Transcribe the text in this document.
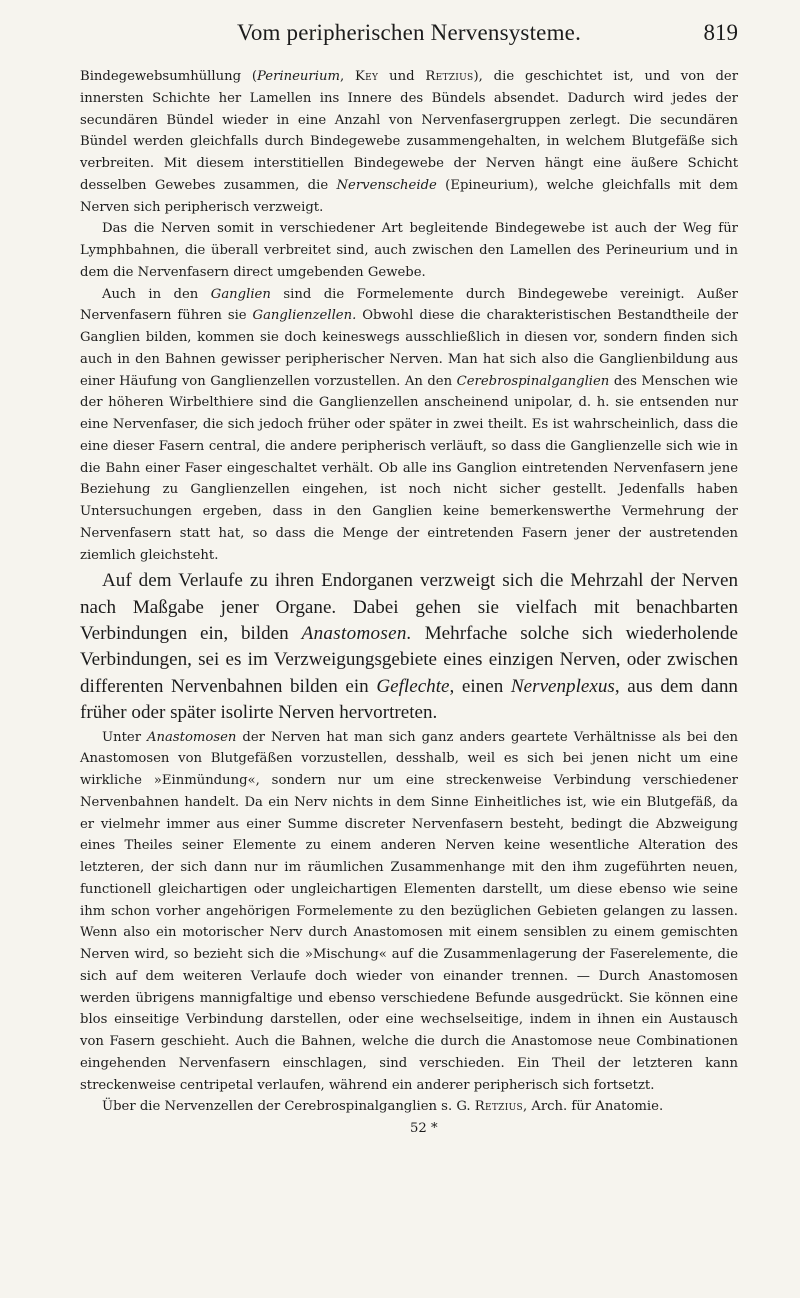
Vom peripherischen Nervensysteme.	819

Bindegewebsumhüllung (Perineurium, Key und Retzius), die geschichtet ist, und von der innersten Schichte her Lamellen ins Innere des Bündels absendet. Dadurch wird jedes der secundären Bündel wieder in eine Anzahl von Nervenfasergruppen zerlegt. Die secundären Bündel werden gleichfalls durch Bindegewebe zusammengehalten, in welchem Blutgefäße sich verbreiten. Mit diesem interstitiellen Bindegewebe der Nerven hängt eine äußere Schicht desselben Gewebes zusammen, die Nervenscheide (Epineurium), welche gleichfalls mit dem Nerven sich peripherisch verzweigt.

Das die Nerven somit in verschiedener Art begleitende Bindegewebe ist auch der Weg für Lymphbahnen, die überall verbreitet sind, auch zwischen den Lamellen des Perineurium und in dem die Nervenfasern direct umgebenden Gewebe.

Auch in den Ganglien sind die Formelemente durch Bindegewebe vereinigt. Außer Nervenfasern führen sie Ganglienzellen. Obwohl diese die charakteristischen Bestandtheile der Ganglien bilden, kommen sie doch keineswegs ausschließlich in diesen vor, sondern finden sich auch in den Bahnen gewisser peripherischer Nerven. Man hat sich also die Ganglienbildung aus einer Häufung von Ganglienzellen vorzustellen. An den Cerebrospinalganglien des Menschen wie der höheren Wirbelthiere sind die Ganglienzellen anscheinend unipolar, d. h. sie entsenden nur eine Nervenfaser, die sich jedoch früher oder später in zwei theilt. Es ist wahrscheinlich, dass die eine dieser Fasern central, die andere peripherisch verläuft, so dass die Ganglienzelle sich wie in die Bahn einer Faser eingeschaltet verhält. Ob alle ins Ganglion eintretenden Nervenfasern jene Beziehung zu Ganglienzellen eingehen, ist noch nicht sicher gestellt. Jedenfalls haben Untersuchungen ergeben, dass in den Ganglien keine bemerkenswerthe Vermehrung der Nervenfasern statt hat, so dass die Menge der eintretenden Fasern jener der austretenden ziemlich gleichsteht.

Auf dem Verlaufe zu ihren Endorganen verzweigt sich die Mehrzahl der Nerven nach Maßgabe jener Organe. Dabei gehen sie vielfach mit benachbarten Verbindungen ein, bilden Anastomosen. Mehrfache solche sich wiederholende Verbindungen, sei es im Verzweigungsgebiete eines einzigen Nerven, oder zwischen differenten Nervenbahnen bilden ein Geflechte, einen Nervenplexus, aus dem dann früher oder später isolirte Nerven hervortreten.

Unter Anastomosen der Nerven hat man sich ganz anders geartete Verhältnisse als bei den Anastomosen von Blutgefäßen vorzustellen, desshalb, weil es sich bei jenen nicht um eine wirkliche »Einmündung«, sondern nur um eine streckenweise Verbindung verschiedener Nervenbahnen handelt. Da ein Nerv nichts in dem Sinne Einheitliches ist, wie ein Blutgefäß, da er vielmehr immer aus einer Summe discreter Nervenfasern besteht, bedingt die Abzweigung eines Theiles seiner Elemente zu einem anderen Nerven keine wesentliche Alteration des letzteren, der sich dann nur im räumlichen Zusammenhange mit den ihm zugeführten neuen, functionell gleichartigen oder ungleichartigen Elementen darstellt, um diese ebenso wie seine ihm schon vorher angehörigen Formelemente zu den bezüglichen Gebieten gelangen zu lassen. Wenn also ein motorischer Nerv durch Anastomosen mit einem sensiblen zu einem gemischten Nerven wird, so bezieht sich die »Mischung« auf die Zusammenlagerung der Faserelemente, die sich auf dem weiteren Verlaufe doch wieder von einander trennen. — Durch Anastomosen werden übrigens mannigfaltige und ebenso verschiedene Befunde ausgedrückt. Sie können eine blos einseitige Verbindung darstellen, oder eine wechselseitige, indem in ihnen ein Austausch von Fasern geschieht. Auch die Bahnen, welche die durch die Anastomose neue Combinationen eingehenden Nervenfasern einschlagen, sind verschieden. Ein Theil der letzteren kann streckenweise centripetal verlaufen, während ein anderer peripherisch sich fortsetzt.

Über die Nervenzellen der Cerebrospinalganglien s. G. Retzius, Arch. für Anatomie.

52 *
